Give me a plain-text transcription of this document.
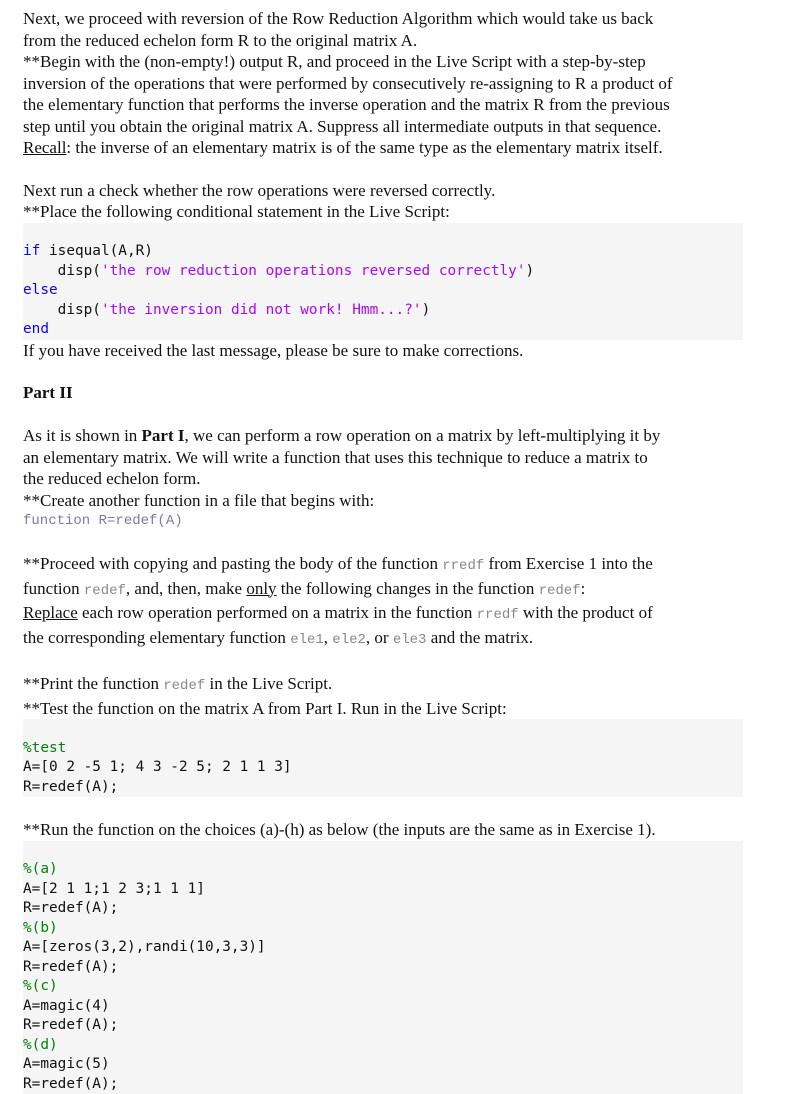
Next, we proceed with reversion of the Row Reduction Algorithm which would take us back
from the reduced echelon form R to the original matrix A.

**Begin with the (non-empty!) output R, and proceed in the Live Script with a step-by-step
inversion of the operations that were performed by consecutively re-assigning to R a product of
the elementary function that performs the inverse operation and the matrix R from the previous
step until you obtain the original matrix A. Suppress all intermediate outputs in that sequence.
Recall: the inverse of an elementary matrix is of the same type as the elementary matrix itself.

Next run a check whether the row operations were reversed correctly.
**Place the following conditional statement in the Live Script:

if isequal(A,R)
disp('the row reduction operations reversed correctly')
else
disp('the inversion did not work! Hmm...?')
end

If you have received the last message, please be sure to make corrections.

Part II

As it is shown in Part I, we can perform a row operation on a matrix by left-multiplying it by
an elementary matrix. We will write a function that uses this technique to reduce a matrix to
the reduced echelon form.

**Create another function in a file that begins with:

function R=redef(A)

**Proceed with copying and pasting the body of the function rredf from Exercise 1 into the
function redef, and, then, make only the following changes in the function redef:
Replace each row operation performed on a matrix in the function rredf with the product of
the corresponding elementary function ele1, ele2, or ele3 and the matrix.

**Print the function redef in the Live Script.
**Test the function on the matrix A from Part I. Run in the Live Script:

%test
A=[0 2 -5 1; 4 3 -2 5; 2 1 1 3]
R=redef(A);

**Run the function on the choices (a)-(h) as below (the inputs are the same as in Exercise 1).

%(a)
A=[2 1 1;1 2 3;1 1 1]
R=redef(A);
%(b)
A=[zeros(3,2),randi(10,3,3)]
R=redef(A);
%(c)
A=magic(4)
R=redef(A);
%(d)
A=magic(5)
R=redef(A);
